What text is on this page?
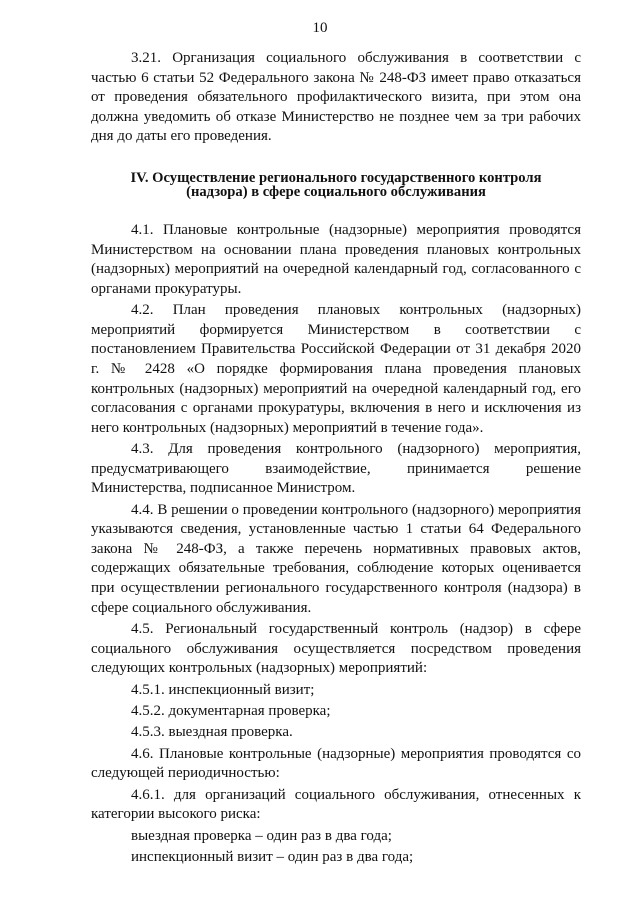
10

3.21. Организация социального обслуживания в соответствии с частью 6 статьи 52 Федерального закона № 248-ФЗ имеет право отказаться от проведения обязательного профилактического визита, при этом она должна уведомить об отказе Министерство не позднее чем за три рабочих дня до даты его проведения.

IV. Осуществление регионального государственного контроля
(надзора) в сфере социального обслуживания

4.1. Плановые контрольные (надзорные) мероприятия проводятся Министерством на основании плана проведения плановых контрольных (надзорных) мероприятий на очередной календарный год, согласованного с органами прокуратуры.

4.2. План проведения плановых контрольных (надзорных) мероприятий формируется Министерством в соответствии с постановлением Правительства Российской Федерации от 31 декабря 2020 г. № 2428 «О порядке формирования плана проведения плановых контрольных (надзорных) мероприятий на очередной календарный год, его согласования с органами прокуратуры, включения в него и исключения из него контрольных (надзорных) мероприятий в течение года».

4.3. Для проведения контрольного (надзорного) мероприятия, предусматривающего взаимодействие, принимается решение Министерства, подписанное Министром.

4.4. В решении о проведении контрольного (надзорного) мероприятия указываются сведения, установленные частью 1 статьи 64 Федерального закона № 248-ФЗ, а также перечень нормативных правовых актов, содержащих обязательные требования, соблюдение которых оценивается при осуществлении регионального государственного контроля (надзора) в сфере социального обслуживания.

4.5. Региональный государственный контроль (надзор) в сфере социального обслуживания осуществляется посредством проведения следующих контрольных (надзорных) мероприятий:

4.5.1. инспекционный визит;

4.5.2. документарная проверка;

4.5.3. выездная проверка.

4.6. Плановые контрольные (надзорные) мероприятия проводятся со следующей периодичностью:

4.6.1. для организаций социального обслуживания, отнесенных к категории высокого риска:

выездная проверка – один раз в два года;

инспекционный визит – один раз в два года;
